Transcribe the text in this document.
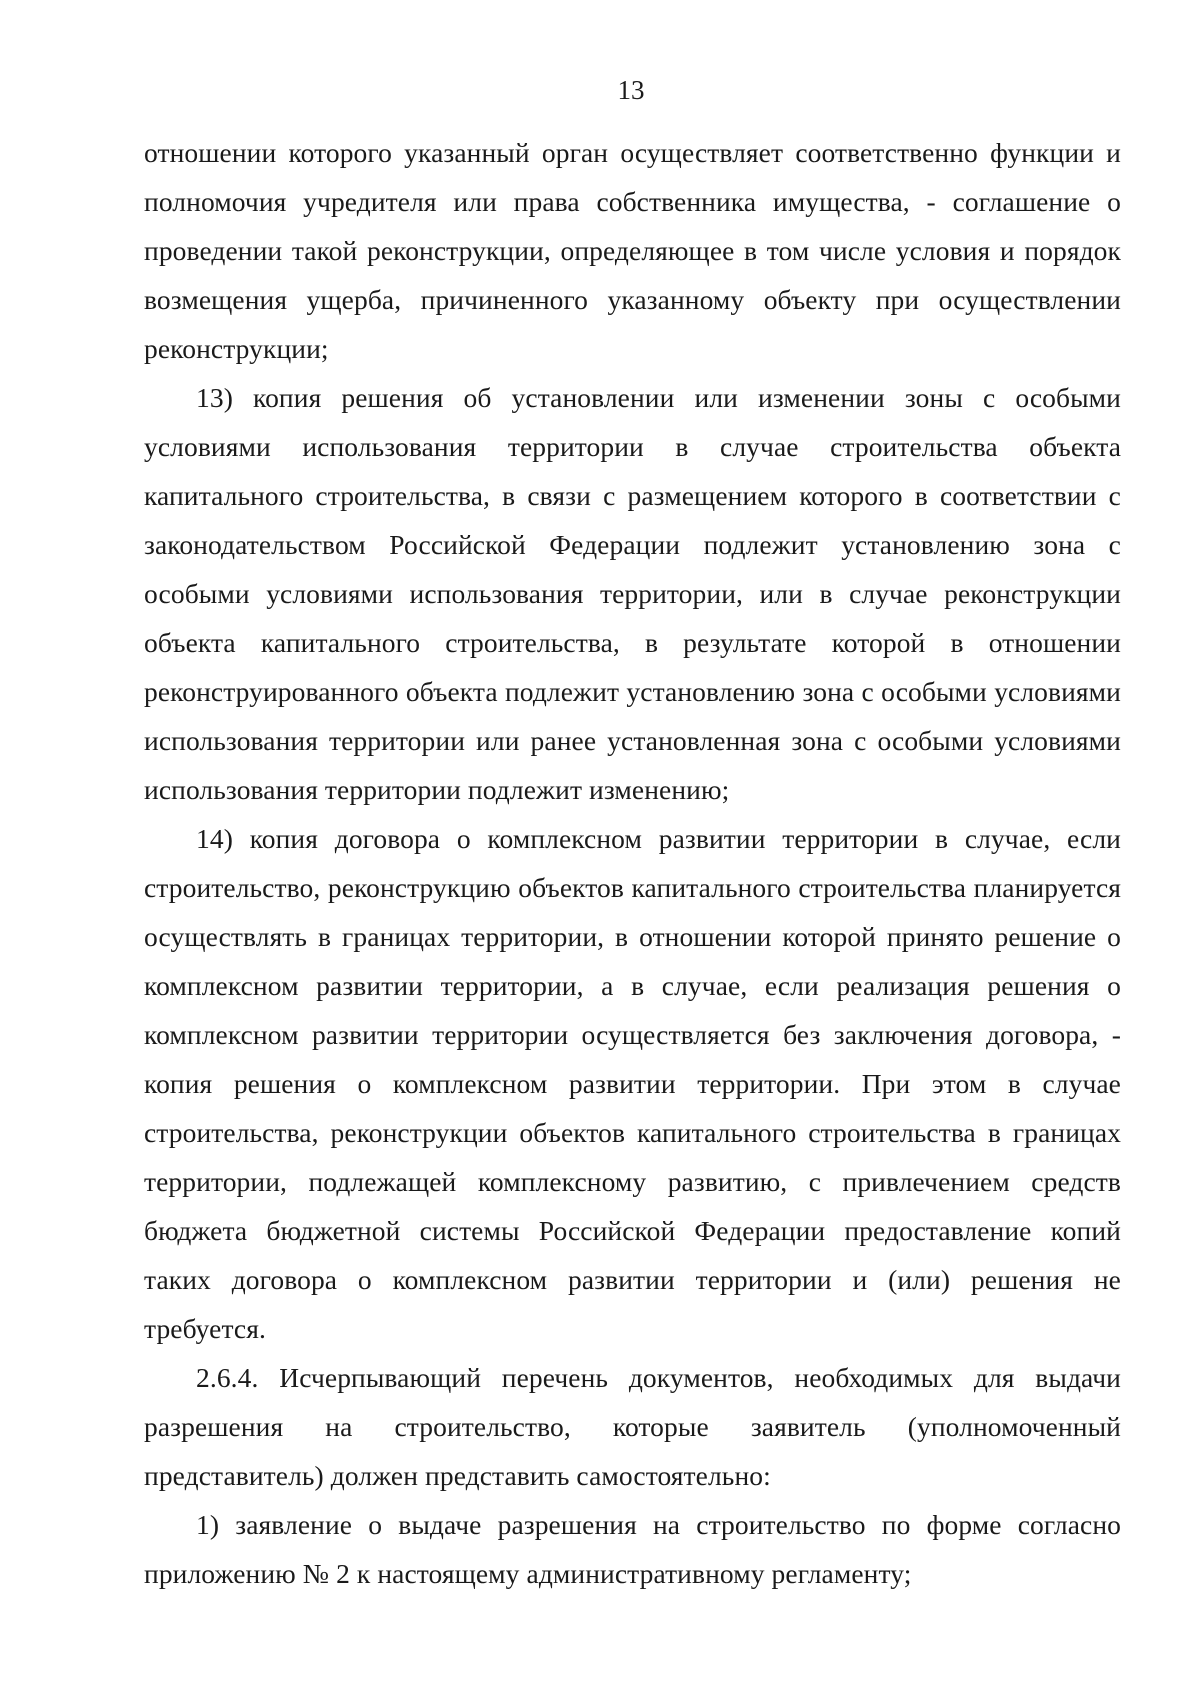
13

отношении которого указанный орган осуществляет соответственно функции и полномочия учредителя или права собственника имущества, - соглашение о проведении такой реконструкции, определяющее в том числе условия и порядок возмещения ущерба, причиненного указанному объекту при осуществлении реконструкции;

13) копия решения об установлении или изменении зоны с особыми условиями использования территории в случае строительства объекта капитального строительства, в связи с размещением которого в соответствии с законодательством Российской Федерации подлежит установлению зона с особыми условиями использования территории, или в случае реконструкции объекта капитального строительства, в результате которой в отношении реконструированного объекта подлежит установлению зона с особыми условиями использования территории или ранее установленная зона с особыми условиями использования территории подлежит изменению;

14) копия договора о комплексном развитии территории в случае, если строительство, реконструкцию объектов капитального строительства планируется осуществлять в границах территории, в отношении которой принято решение о комплексном развитии территории, а в случае, если реализация решения о комплексном развитии территории осуществляется без заключения договора, - копия решения о комплексном развитии территории. При этом в случае строительства, реконструкции объектов капитального строительства в границах территории, подлежащей комплексному развитию, с привлечением средств бюджета бюджетной системы Российской Федерации предоставление копий таких договора о комплексном развитии территории и (или) решения не требуется.

2.6.4. Исчерпывающий перечень документов, необходимых для выдачи разрешения на строительство, которые заявитель (уполномоченный представитель) должен представить самостоятельно:

1) заявление о выдаче разрешения на строительство по форме согласно приложению № 2 к настоящему административному регламенту;
